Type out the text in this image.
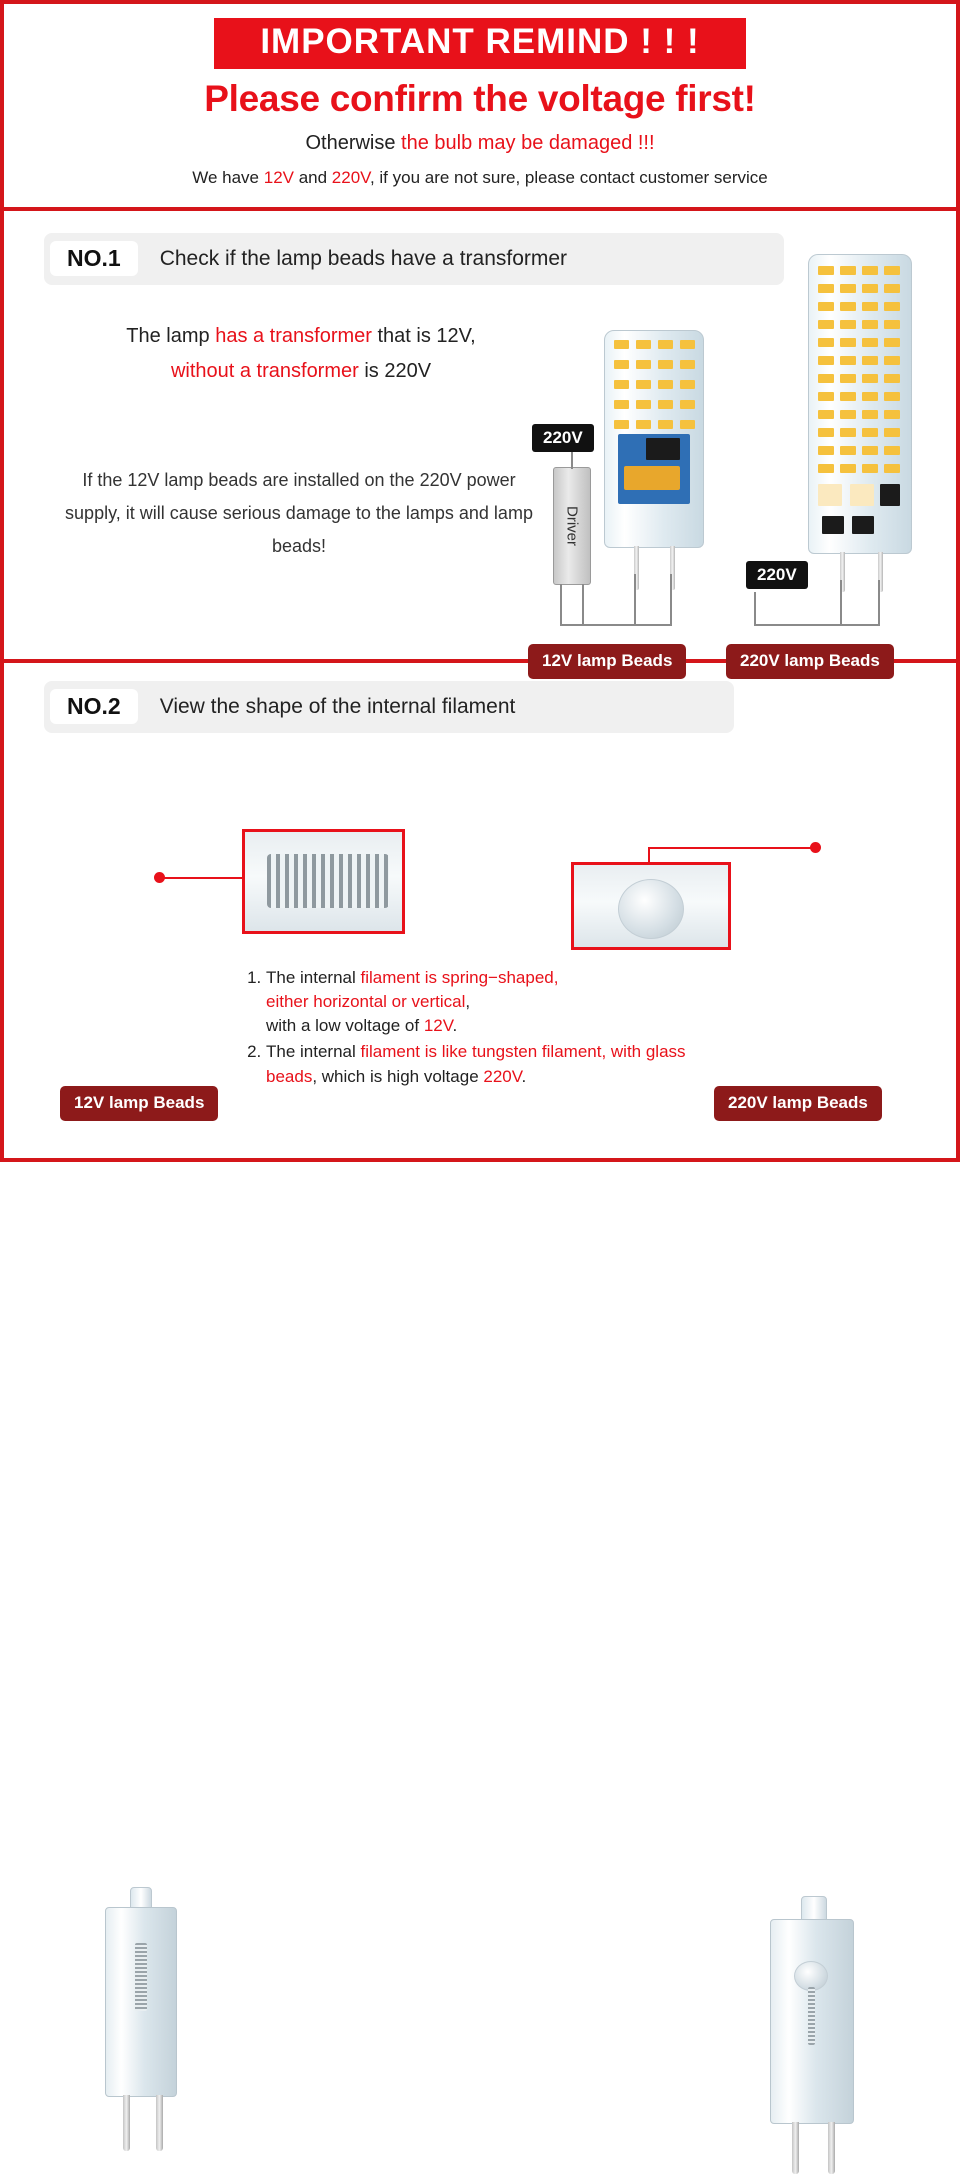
IMPORTANT REMIND ! ! !
Please confirm the voltage first!
Otherwise the bulb may be damaged !!!
We have 12V and 220V, if you are not sure, please contact customer service
NO.1	Check if the lamp beads have a transformer
The lamp has a transformer that is 12V,
without a transformer is 220V
If the 12V lamp beads are installed on the 220V power supply, it will cause serious damage to the lamps and lamp beads!
NO.2	View the shape of the internal filament
Driver
220V
220V
12V lamp Beads	220V lamp Beads
1. The internal filament is spring−shaped,
either horizontal or vertical,
with a low voltage of 12V.
2. The internal filament is like tungsten filament, with glass beads, which is high voltage 220V.
12V lamp Beads	220V lamp Beads
